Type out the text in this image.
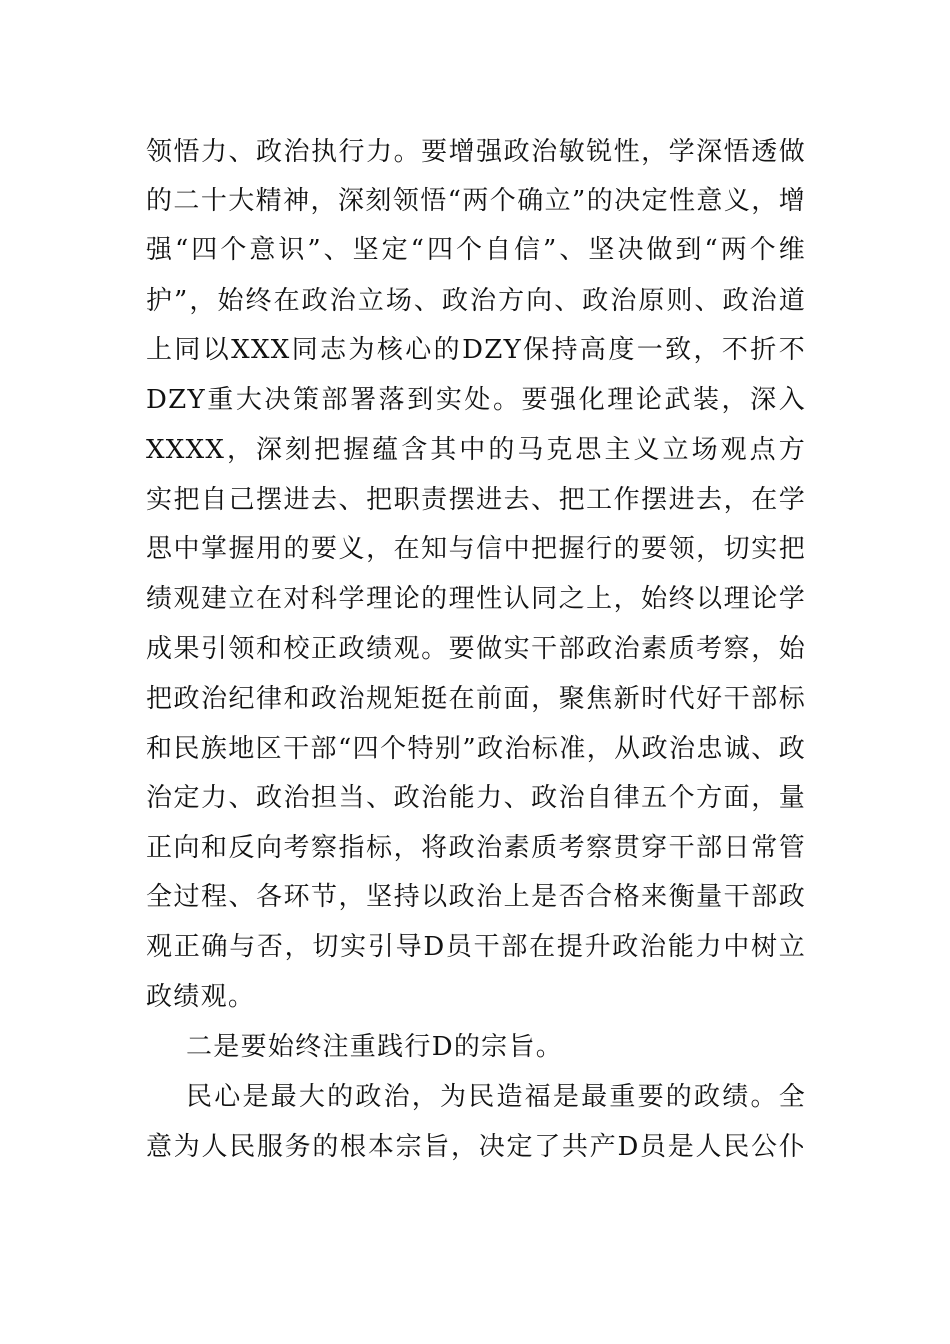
领悟力、政治执行力。要增强政治敏锐性，学深悟透做
的二十大精神，深刻领悟“两个确立”的决定性意义，增
强“四个意识”、坚定“四个自信”、坚决做到“两个维
护”，始终在政治立场、政治方向、政治原则、政治道
上同以XXX同志为核心的DZY保持高度一致，不折不
DZY重大决策部署落到实处。要强化理论武装，深入
XXXX，深刻把握蕴含其中的马克思主义立场观点方
实把自己摆进去、把职责摆进去、把工作摆进去，在学
思中掌握用的要义，在知与信中把握行的要领，切实把
绩观建立在对科学理论的理性认同之上，始终以理论学
成果引领和校正政绩观。要做实干部政治素质考察，始
把政治纪律和政治规矩挺在前面，聚焦新时代好干部标
和民族地区干部“四个特别”政治标准，从政治忠诚、政
治定力、政治担当、政治能力、政治自律五个方面，量
正向和反向考察指标，将政治素质考察贯穿干部日常管
全过程、各环节，坚持以政治上是否合格来衡量干部政
观正确与否，切实引导D员干部在提升政治能力中树立
政绩观。
二是要始终注重践行D的宗旨。
民心是最大的政治，为民造福是最重要的政绩。全
意为人民服务的根本宗旨，决定了共产D员是人民公仆
